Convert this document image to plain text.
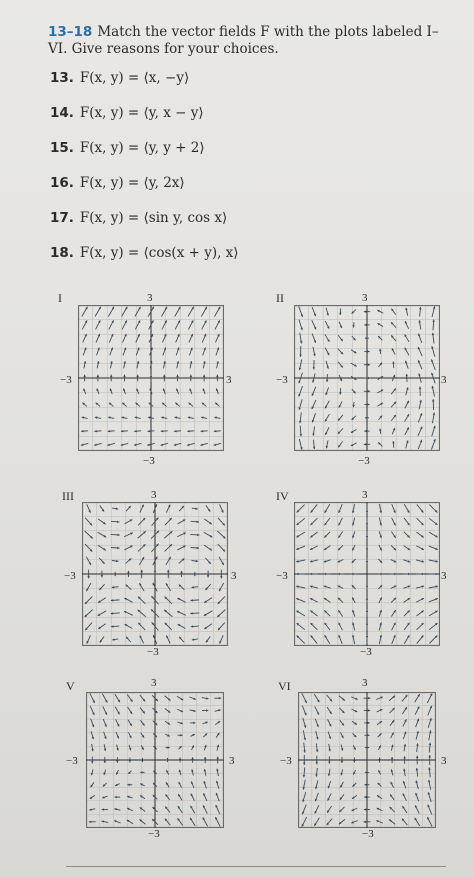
13–18 Match the vector fields F with the plots labeled I–VI. Give reasons for your choices.
13. F(x, y) = ⟨x, −y⟩
14. F(x, y) = ⟨y, x − y⟩
15. F(x, y) = ⟨y, y + 2⟩
16. F(x, y) = ⟨y, 2x⟩
17. F(x, y) = ⟨sin y, cos x⟩
18. F(x, y) = ⟨cos(x + y), x⟩
I	3
−3	3
−3
II	3
−3	3
−3
III	3
−3	3
−3
IV	3
−3	3
−3
V	3
−3	3
−3
VI	3
−3	3
−3
